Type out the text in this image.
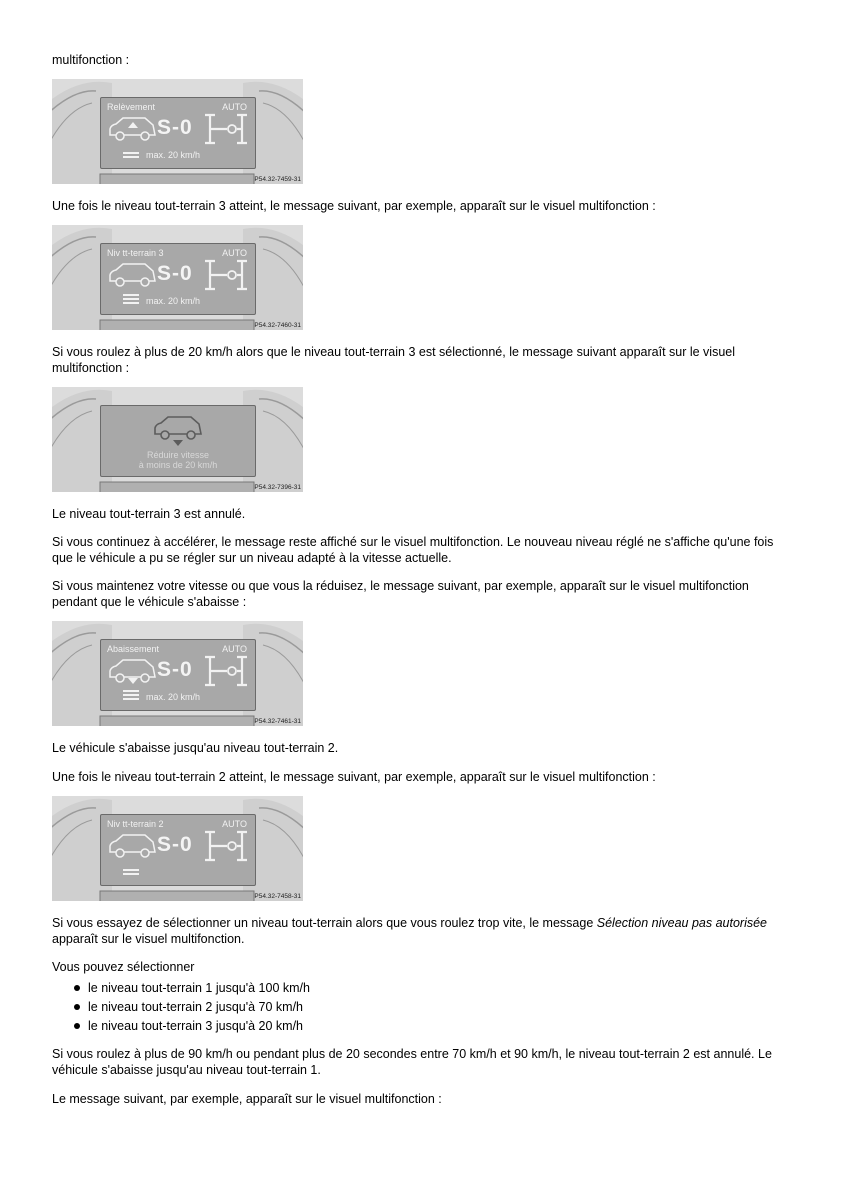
multifonction :

Relèvement	AUTO
S-0
max. 20 km/h
P54.32-7459-31

Une fois le niveau tout-terrain 3 atteint, le message suivant, par exemple, apparaît sur le visuel multifonction :

Niv tt-terrain 3	AUTO
S-0
max. 20 km/h
P54.32-7460-31

Si vous roulez à plus de 20 km/h alors que le niveau tout-terrain 3 est sélectionné, le message suivant apparaît sur le visuel multifonction :

Réduire vitesse
à moins de 20 km/h
P54.32-7396-31

Le niveau tout-terrain 3 est annulé.

Si vous continuez à accélérer, le message reste affiché sur le visuel multifonction. Le nouveau niveau réglé ne s'affiche qu'une fois que le véhicule a pu se régler sur un niveau adapté à la vitesse actuelle.

Si vous maintenez votre vitesse ou que vous la réduisez, le message suivant, par exemple, apparaît sur le visuel multifonction pendant que le véhicule s'abaisse :

Abaissement	AUTO
S-0
max. 20 km/h
P54.32-7461-31

Le véhicule s'abaisse jusqu'au niveau tout-terrain 2.

Une fois le niveau tout-terrain 2 atteint, le message suivant, par exemple, apparaît sur le visuel multifonction :

Niv tt-terrain 2	AUTO
S-0
P54.32-7458-31

Si vous essayez de sélectionner un niveau tout-terrain alors que vous roulez trop vite, le message Sélection niveau pas autorisée
apparaît sur le visuel multifonction.

Vous pouvez sélectionner

le niveau tout-terrain 1 jusqu'à 100 km/h
le niveau tout-terrain 2 jusqu'à 70 km/h
le niveau tout-terrain 3 jusqu'à 20 km/h

Si vous roulez à plus de 90 km/h ou pendant plus de 20 secondes entre 70 km/h et 90 km/h, le niveau tout-terrain 2 est annulé. Le véhicule s'abaisse jusqu'au niveau tout-terrain 1.

Le message suivant, par exemple, apparaît sur le visuel multifonction :
